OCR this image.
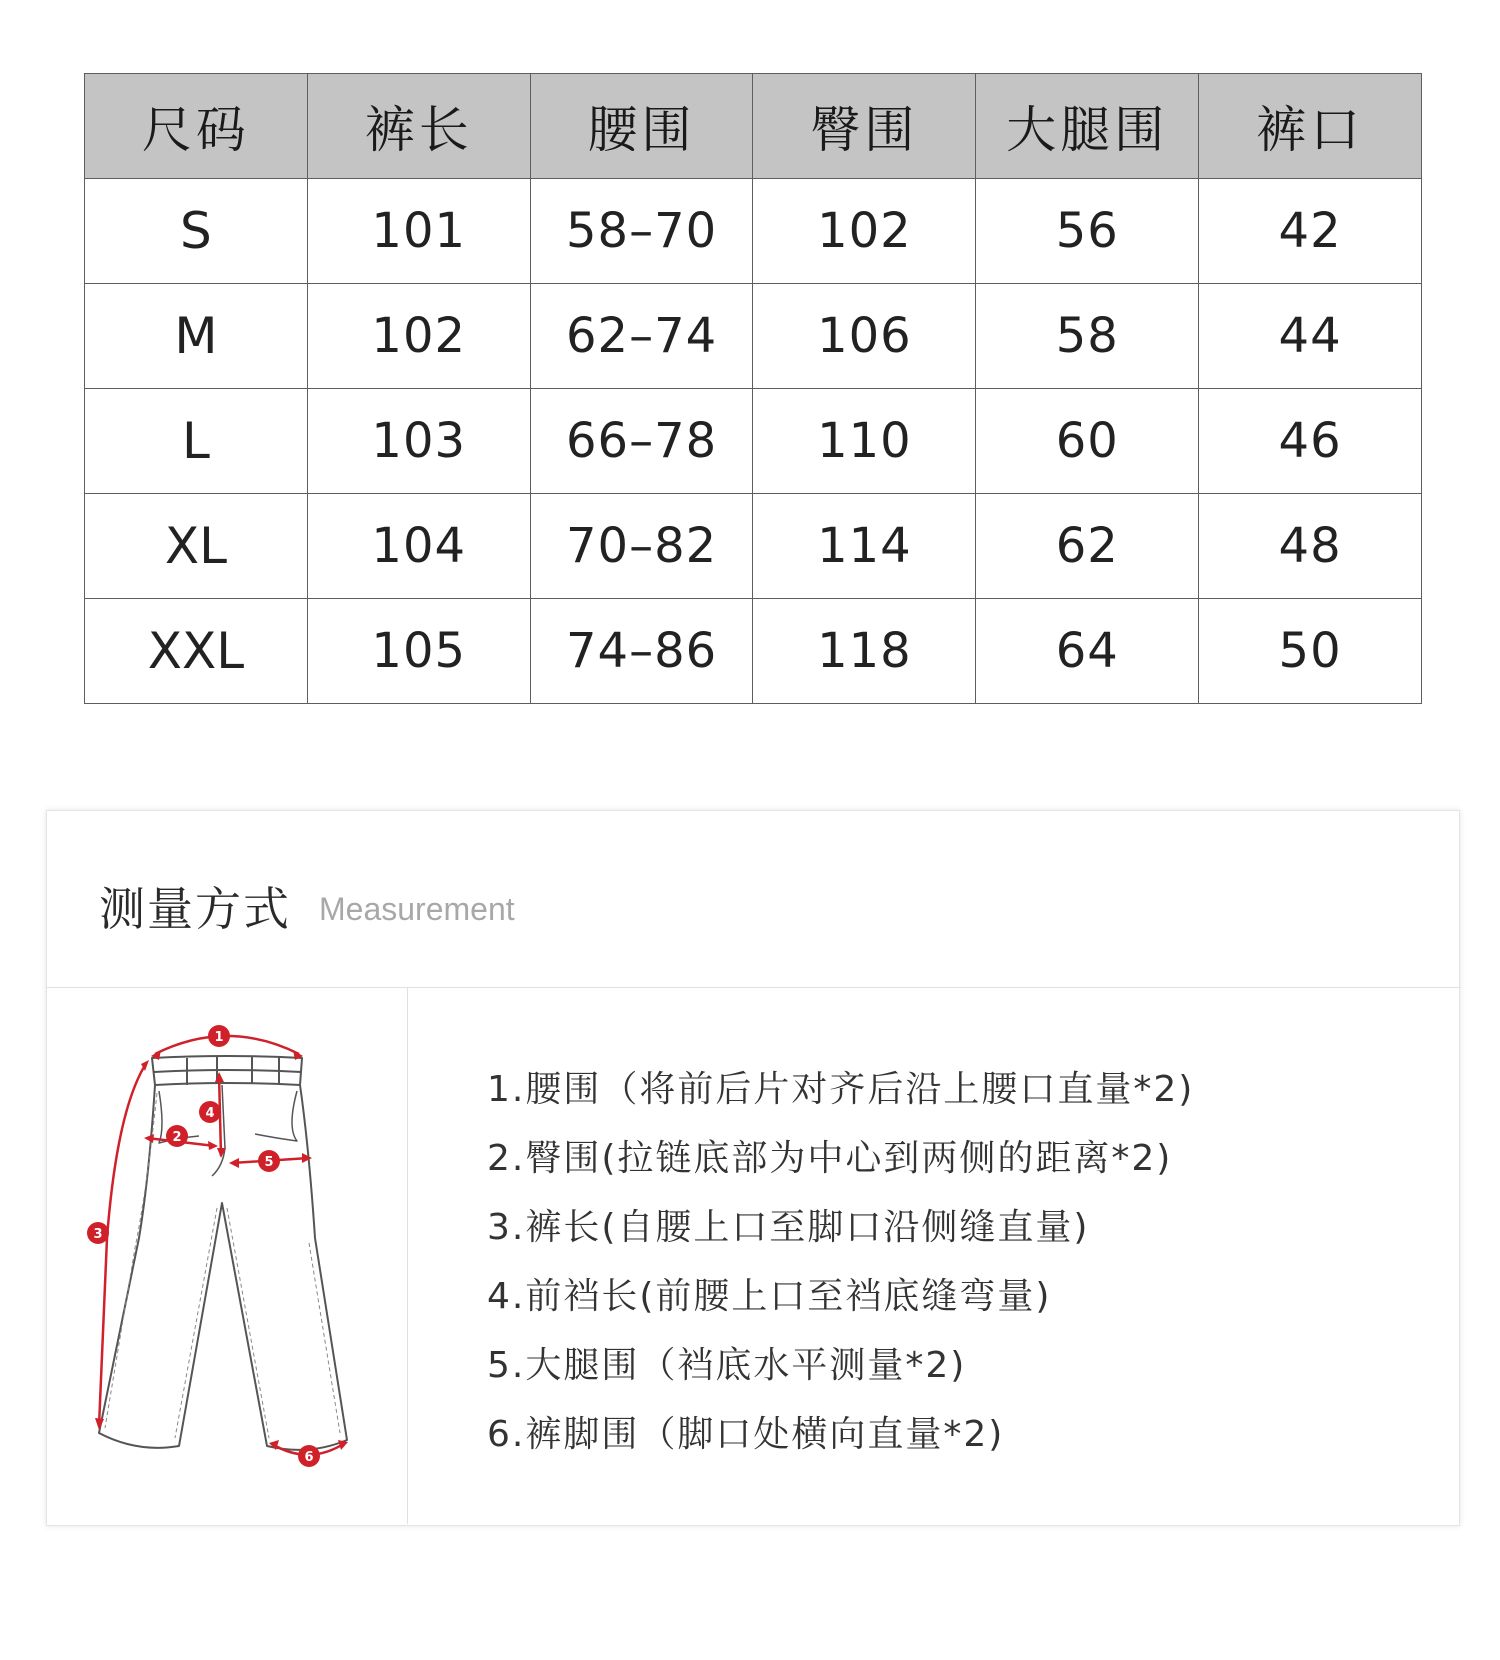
尺码	裤长	腰围	臀围	大腿围	裤口
S	101	58–70	102	56	42
M	102	62–74	106	58	44
L	103	66–78	110	60	46
XL	104	70–82	114	62	48
XXL	105	74–86	118	64	50
测量方式 Measurement
1
2
3
4
5
6
1.腰围（将前后片对齐后沿上腰口直量*2)
2.臀围(拉链底部为中心到两侧的距离*2)
3.裤长(自腰上口至脚口沿侧缝直量)
4.前裆长(前腰上口至裆底缝弯量)
5.大腿围（裆底水平测量*2)
6.裤脚围（脚口处横向直量*2)
